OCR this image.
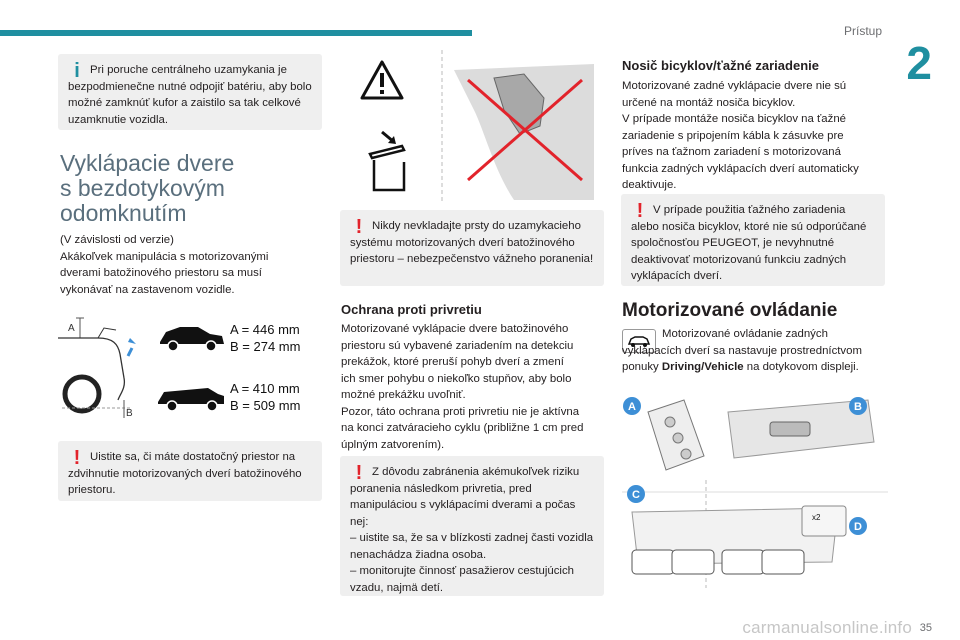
Prístup
2
i Pri poruche centrálneho uzamykania je bezpodmienečne nutné odpojiť batériu, aby bolo možné zamknúť kufor a zaistilo sa tak celkové uzamknutie vozidla.
Vyklápacie dvere
s bezdotykovým
odomknutím
(V závislosti od verzie)
Akákoľvek manipulácia s motorizovanými
dverami batožinového priestoru sa musí
vykonávať na zastavenom vozidle.
A
B
A = 446 mm
B = 274 mm
A = 410 mm
B = 509 mm
! Uistite sa, či máte dostatočný priestor na zdvihnutie motorizovaných dverí batožinového priestoru.
! Nikdy nevkladajte prsty do uzamykacieho systému motorizovaných dverí batožinového priestoru – nebezpečenstvo vážneho poranenia!
Ochrana proti privretiu
Motorizované vyklápacie dvere batožinového
priestoru sú vybavené zariadením na detekciu
prekážok, ktoré preruší pohyb dverí a zmení
ich smer pohybu o niekoľko stupňov, aby bolo
možné prekážku uvoľniť.
Pozor, táto ochrana proti privretiu nie je aktívna
na konci zatváracieho cyklu (približne 1 cm pred
úplným zatvorením).
! Z dôvodu zabránenia akémukoľvek riziku poranenia následkom privretia, pred manipuláciou s vyklápacími dverami a počas nej:
– uistite sa, že sa v blízkosti zadnej časti vozidla nenachádza žiadna osoba.
– monitorujte činnosť pasažierov cestujúcich vzadu, najmä detí.
Nosič bicyklov/ťažné zariadenie
Motorizované zadné vyklápacie dvere nie sú
určené na montáž nosiča bicyklov.
V prípade montáže nosiča bicyklov na ťažné
zariadenie s pripojením kábla k zásuvke pre
príves na ťažnom zariadení s motorizovaná
funkcia zadných vyklápacích dverí automaticky
deaktivuje.
! V prípade použitia ťažného zariadenia alebo nosiča bicyklov, ktoré nie sú odporúčané spoločnosťou PEUGEOT, je nevyhnutné deaktivovať motorizovanú funkciu zadných vyklápacích dverí.
Motorizované ovládanie
Motorizované ovládanie zadných vyklápacích dverí sa nastavuje prostredníctvom ponuky Driving/Vehicle na dotykovom displeji.
x2
A	B
C
D
carmanualsonline.info 35
